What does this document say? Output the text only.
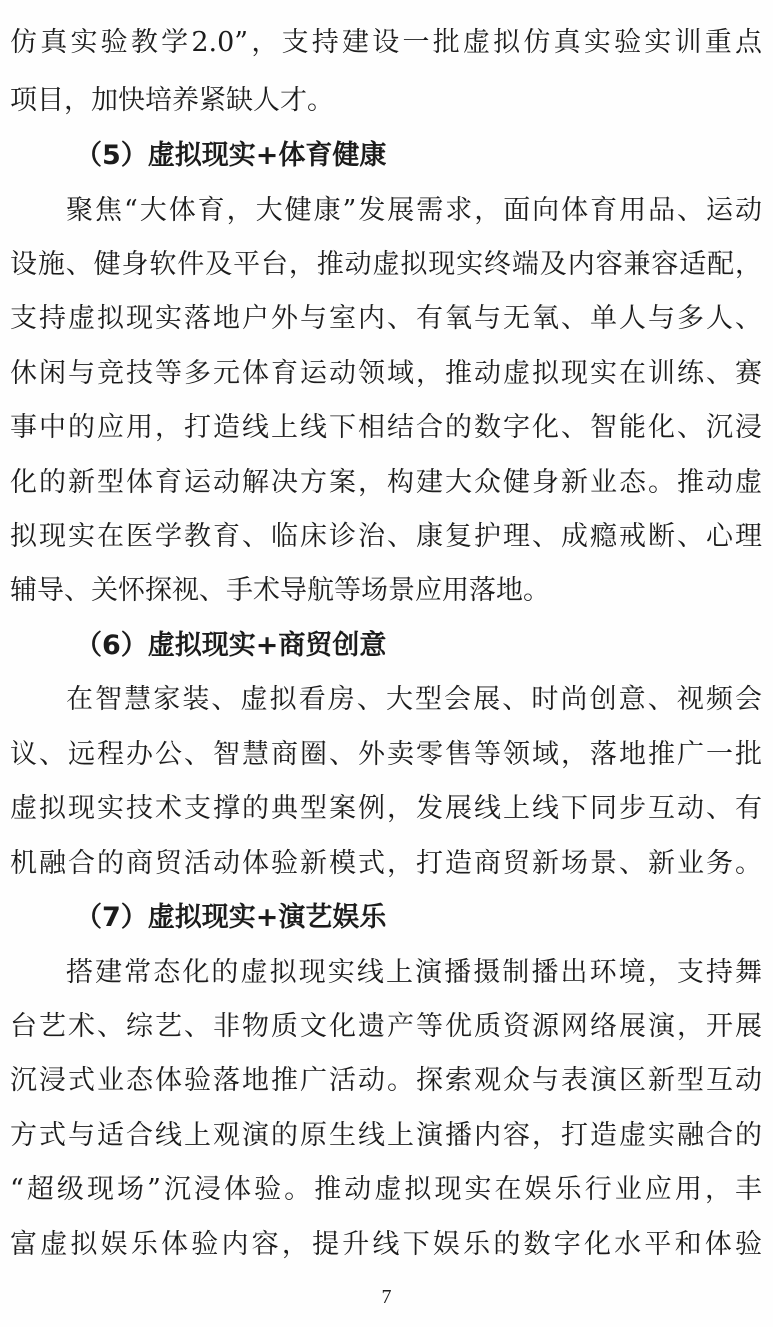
仿真实验教学2.0”，支持建设一批虚拟仿真实验实训重点
项目，加快培养紧缺人才。
（5）虚拟现实+体育健康
聚焦“大体育，大健康”发展需求，面向体育用品、运动
设施、健身软件及平台，推动虚拟现实终端及内容兼容适配，
支持虚拟现实落地户外与室内、有氧与无氧、单人与多人、
休闲与竞技等多元体育运动领域，推动虚拟现实在训练、赛
事中的应用，打造线上线下相结合的数字化、智能化、沉浸
化的新型体育运动解决方案，构建大众健身新业态。推动虚
拟现实在医学教育、临床诊治、康复护理、成瘾戒断、心理
辅导、关怀探视、手术导航等场景应用落地。
（6）虚拟现实+商贸创意
在智慧家装、虚拟看房、大型会展、时尚创意、视频会
议、远程办公、智慧商圈、外卖零售等领域，落地推广一批
虚拟现实技术支撑的典型案例，发展线上线下同步互动、有
机融合的商贸活动体验新模式，打造商贸新场景、新业务。
（7）虚拟现实+演艺娱乐
搭建常态化的虚拟现实线上演播摄制播出环境，支持舞
台艺术、综艺、非物质文化遗产等优质资源网络展演，开展
沉浸式业态体验落地推广活动。探索观众与表演区新型互动
方式与适合线上观演的原生线上演播内容，打造虚实融合的
“超级现场”沉浸体验。推动虚拟现实在娱乐行业应用，丰
富虚拟娱乐体验内容，提升线下娱乐的数字化水平和体验
7
